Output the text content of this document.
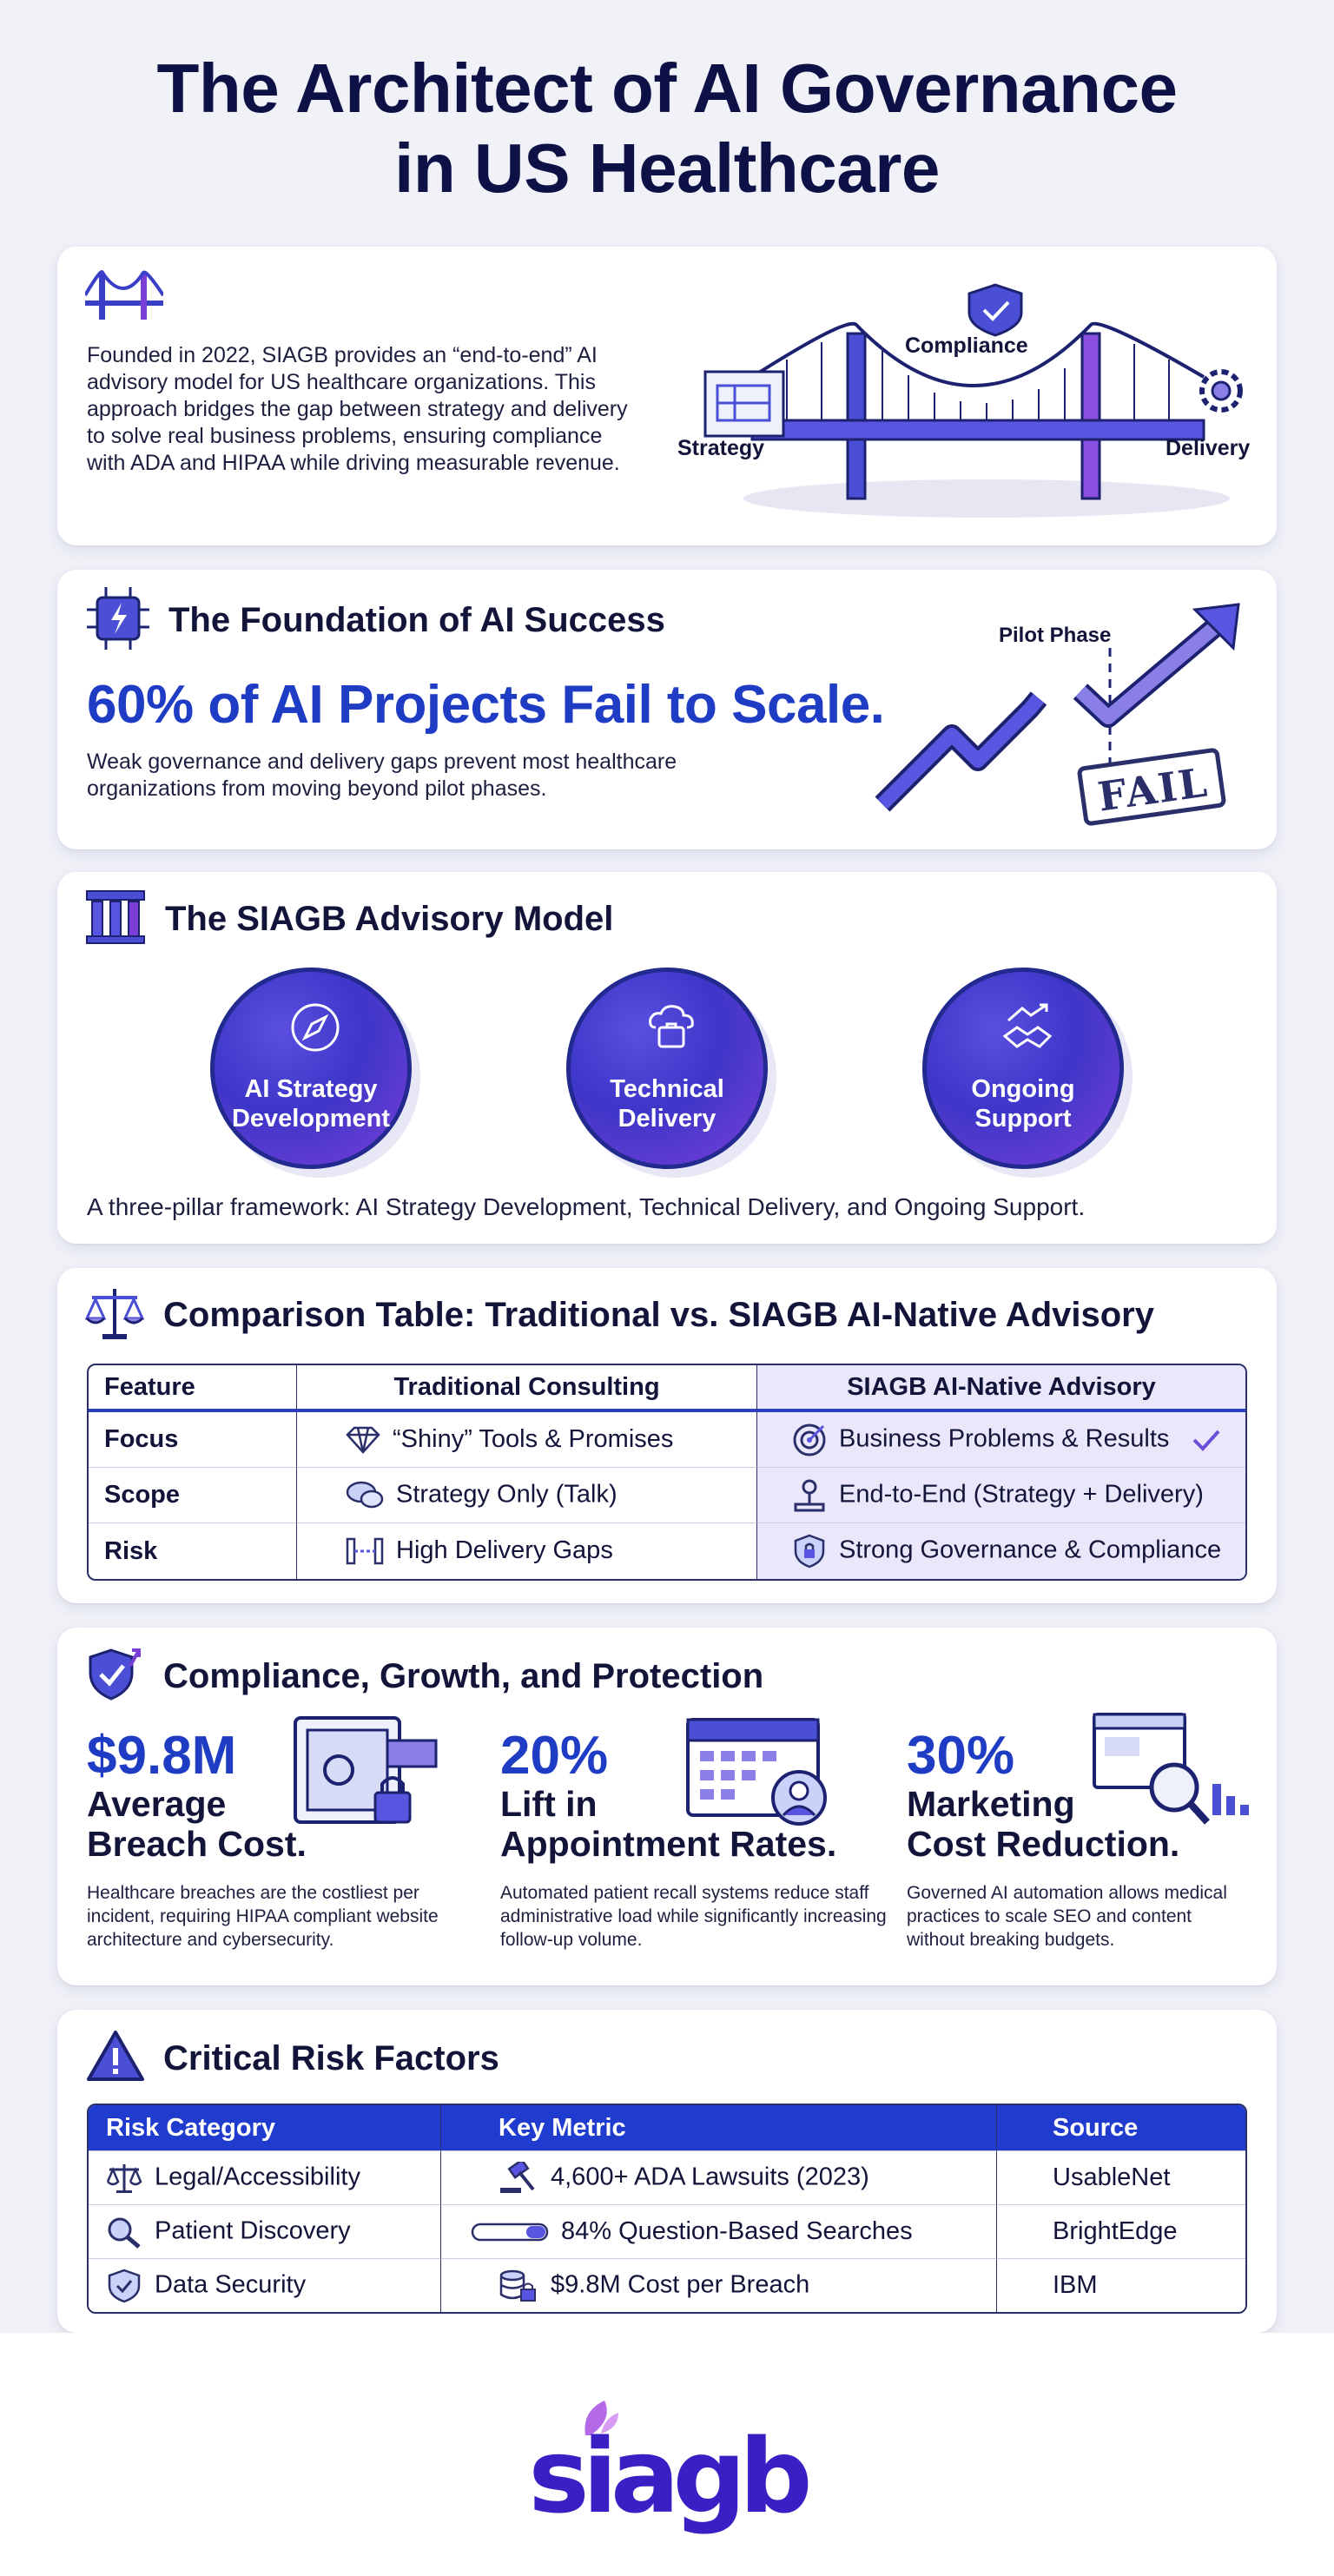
The Architect of AI Governance
in US Healthcare
Founded in 2022, SIAGB provides an “end-to-end” AI advisory model for US healthcare organizations. This approach bridges the gap between strategy and delivery to solve real business problems, ensuring compliance with ADA and HIPAA while driving measurable revenue.
Compliance
Strategy	Delivery
The Foundation of AI Success
60% of AI Projects Fail to Scale.
Weak governance and delivery gaps prevent most healthcare organizations from moving beyond pilot phases.
Pilot Phase
FAIL
The SIAGB Advisory Model
AI Strategy
Development
Technical
Delivery
Ongoing
Support
A three-pillar framework: AI Strategy Development, Technical Delivery, and Ongoing Support.
Comparison Table: Traditional vs. SIAGB AI-Native Advisory
Feature	Traditional Consulting	SIAGB AI-Native Advisory
Focus	“Shiny” Tools & Promises	Business Problems & Results
Scope	Strategy Only (Talk)	End-to-End (Strategy + Delivery)
Risk	High Delivery Gaps	Strong Governance & Compliance
Compliance, Growth, and Protection
$9.8M
Average
Breach Cost.
Healthcare breaches are the costliest per incident, requiring HIPAA compliant website architecture and cybersecurity.
20%
Lift in
Appointment Rates.
Automated patient recall systems reduce staff administrative load while significantly increasing follow-up volume.
30%
Marketing
Cost Reduction.
Governed AI automation allows medical practices to scale SEO and content without breaking budgets.
Critical Risk Factors
Risk Category	Key Metric	Source
Legal/Accessibility	4,600+ ADA Lawsuits (2023)	UsableNet
Patient Discovery	84% Question-Based Searches	BrightEdge
Data Security	$9.8M Cost per Breach	IBM
siagb
